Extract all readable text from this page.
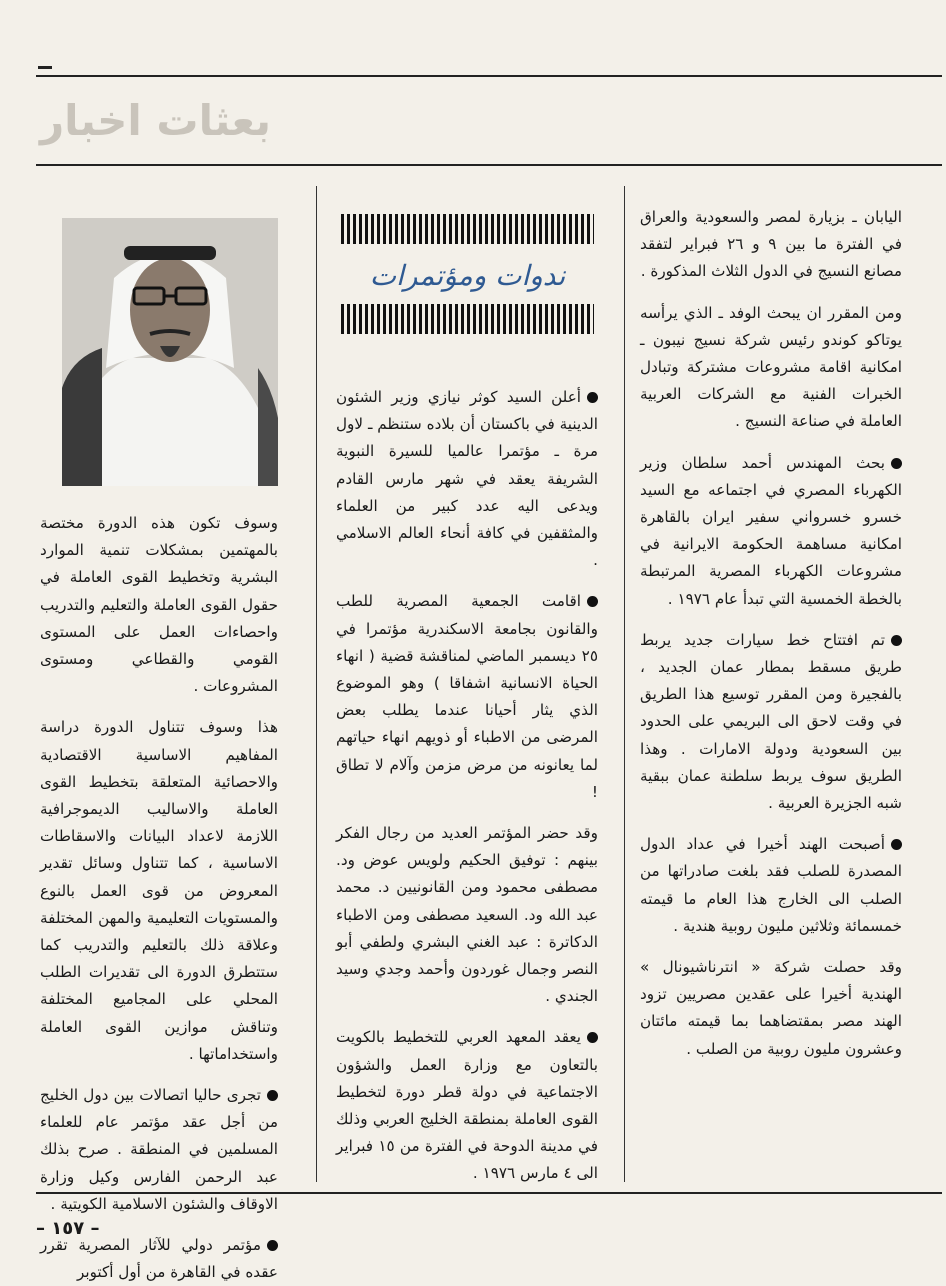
بعثات اخبار

اليابان ـ بزيارة لمصر والسعودية والعراق في الفترة ما بين ٩ و ٢٦ فبراير لتفقد مصانع النسيج في الدول الثلاث المذكورة .

ومن المقرر ان يبحث الوفد ـ الذي يرأسه يوتاكو كوندو رئيس شركة نسيج نيبون ـ امكانية اقامة مشروعات مشتركة وتبادل الخبرات الفنية مع الشركات العربية العاملة في صناعة النسيج .

بحث المهندس أحمد سلطان وزير الكهرباء المصري في اجتماعه مع السيد خسرو خسرواني سفير ايران بالقاهرة امكانية مساهمة الحكومة الايرانية في مشروعات الكهرباء المصرية المرتبطة بالخطة الخمسية التي تبدأ عام ١٩٧٦ .

تم افتتاح خط سيارات جديد يربط طريق مسقط بمطار عمان الجديد ، بالفجيرة ومن المقرر توسيع هذا الطريق في وقت لاحق الى البريمي على الحدود بين السعودية ودولة الامارات . وهذا الطريق سوف يربط سلطنة عمان ببقية شبه الجزيرة العربية .

أصبحت الهند أخيرا في عداد الدول المصدرة للصلب فقد بلغت صادراتها من الصلب الى الخارج هذا العام ما قيمته خمسمائة وثلاثين مليون روبية هندية .

وقد حصلت شركة « انترناشيونال » الهندية أخيرا على عقدين مصريين تزود الهند مصر بمقتضاهما بما قيمته مائتان وعشرون مليون روبية من الصلب .

ندوات ومؤتمرات

أعلن السيد كوثر نيازي وزير الشئون الدينية في باكستان أن بلاده ستنظم ـ لاول مرة ـ مؤتمرا عالميا للسيرة النبوية الشريفة يعقد في شهر مارس القادم ويدعى اليه عدد كبير من العلماء والمثقفين في كافة أنحاء العالم الاسلامي .

اقامت الجمعية المصرية للطب والقانون بجامعة الاسكندرية مؤتمرا في ٢٥ ديسمبر الماضي لمناقشة قضية ( انهاء الحياة الانسانية اشفاقا ) وهو الموضوع الذي يثار أحيانا عندما يطلب بعض المرضى من الاطباء أو ذويهم انهاء حياتهم لما يعانونه من مرض مزمن وآلام لا تطاق !

وقد حضر المؤتمر العديد من رجال الفكر بينهم : توفيق الحكيم ولويس عوض ود. مصطفى محمود ومن القانونيين د. محمد عبد الله ود. السعيد مصطفى ومن الاطباء الدكاترة : عبد الغني البشري ولطفي أبو النصر وجمال غوردون وأحمد وجدي وسيد الجندي .

يعقد المعهد العربي للتخطيط بالكويت بالتعاون مع وزارة العمل والشؤون الاجتماعية في دولة قطر دورة لتخطيط القوى العاملة بمنطقة الخليج العربي وذلك في مدينة الدوحة في الفترة من ١٥ فبراير الى ٤ مارس ١٩٧٦ .

وسوف تكون هذه الدورة مختصة بالمهتمين بمشكلات تنمية الموارد البشرية وتخطيط القوى العاملة في حقول القوى العاملة والتعليم والتدريب واحصاءات العمل على المستوى القومي والقطاعي ومستوى المشروعات .

هذا وسوف تتناول الدورة دراسة المفاهيم الاساسية الاقتصادية والاحصائية المتعلقة بتخطيط القوى العاملة والاساليب الديموجرافية اللازمة لاعداد البيانات والاسقاطات الاساسية ، كما تتناول وسائل تقدير المعروض من قوى العمل بالنوع والمستويات التعليمية والمهن المختلفة وعلاقة ذلك بالتعليم والتدريب كما ستتطرق الدورة الى تقديرات الطلب المحلي على المجاميع المختلفة وتناقش موازين القوى العاملة واستخداماتها .

تجرى حاليا اتصالات بين دول الخليج من أجل عقد مؤتمر عام للعلماء المسلمين في المنطقة . صرح بذلك عبد الرحمن الفارس وكيل وزارة الاوقاف والشئون الاسلامية الكويتية .

مؤتمر دولي للآثار المصرية تقرر عقده في القاهرة من أول أكتوبر

– ١٥٧ –
